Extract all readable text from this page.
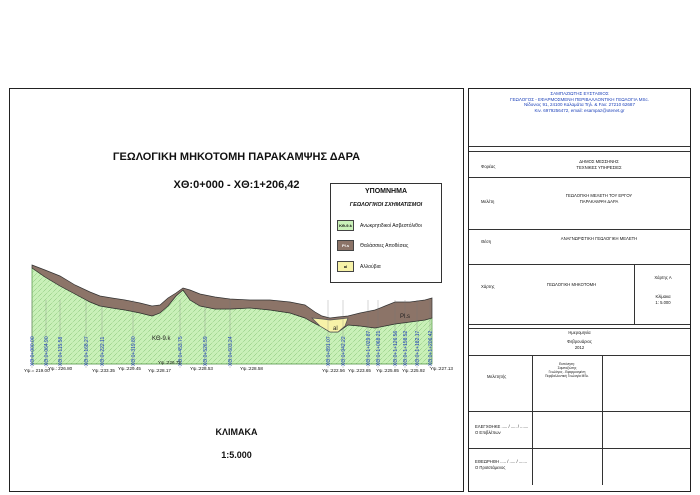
ΓΕΩΛΟΓΙΚΗ ΜΗΚΟΤΟΜΗ ΠΑΡΑΚΑΜΨΗΣ ΔΑΡΑ
ΧΘ:0+000 - ΧΘ:1+206,42
ΚΛΙΜΑΚΑ
1:5.000
ΧΘ:0+000.00 ΧΘ:0+064.90 ΧΘ:0+115.58	ΧΘ:0+168.27 ΧΘ:0+222.11	ΧΘ:0+319.80	ΧΘ:0+453.75	ΧΘ:0+526.59	ΧΘ:0+603.24	ΧΘ:0+891.07 ΧΘ:0+942.22	ΧΘ:0+1+029.87 ΧΘ:0+1+068.21 ΧΘ:0+1+126.56 ΧΘ:0+1+158.52 ΧΘ:0+1+182.17 ΧΘ:0+1+206.42
Υψ.= 219.00
Υψ.: 226.80	Υψ.:233.35 Υψ.:229.45 Υψ.:228.17
Υψ.:226.72
Υψ.:228.53	Υψ.:228.58	Υψ.:222.56 Υψ.:223.65 Υψ.:225.85 Υψ.:225.92 Υψ.:227.13
ΚΘ-9.k
Pl.s
al
ΥΠΟΜΝΗΜΑ
ΓΕΩΛΟΓΙΚΟΙ ΣΧΗΜΑΤΙΣΜΟΙ
ΚΘ-9.k	Ανωκρητιδικοί Ασβεστόλιθοι
Pl.s	Θαλάσσιες Αποθέσεις
al	Αλλούβια
ΣΑΜΠΑΖΙΩΤΗΣ ΕΥΣΤΑΘΙΟΣ
ΓΕΩΛΟΓΟΣ - ΕΦΑΡΜΟΣΜΕΝΗ ΠΕΡΙΒΑΛΛΟΝΤΙΚΗ ΓΕΩΛΟΓΙΑ MSc.
Νίδονιος 91, 24100 Καλαμάτα Τηλ. & Fax: 27210 62687
Κιν. 6979256472, email: esampaz@otenet.gr
Φορέας
ΔΗΜΟΣ ΜΕΣΣΗΝΗΣ
ΤΕΧΝΙΚΕΣ ΥΠΗΡΕΣΙΕΣ
Μελέτη
ΓΕΩΛΟΓΙΚΗ ΜΕΛΕΤΗ ΤΟΥ ΕΡΓΟΥ
ΠΑΡΑΚΑΜΨΗ ΔΑΡΑ
Θέση
ΑΝΑΓΝΩΡΙΣΤΙΚΗ ΓΕΩΛΟΓΙΚΗ ΜΕΛΕΤΗ
Χάρτης	ΓΕΩΛΟΓΙΚΗ ΜΗΚΟΤΟΜΗ
Χάρτης Α
Κλίμακα
1: 5.000
Ημερομηνία
Φεβρουάριος
2012
Μελετητής
Εκπόνηση:
Σαμπαζιώτης
Γεωλόγος - Εφαρμοσμένη
Περιβαλλοντική Γεωλογία MSc.
ΕΛΕΓΧΘΗΚΕ ..... / ..... / .......
Ο Επιβλέπων
ΕΘΕΩΡΗΘΗ ..... / ..... / .......
Ο Προϊστάμενος
